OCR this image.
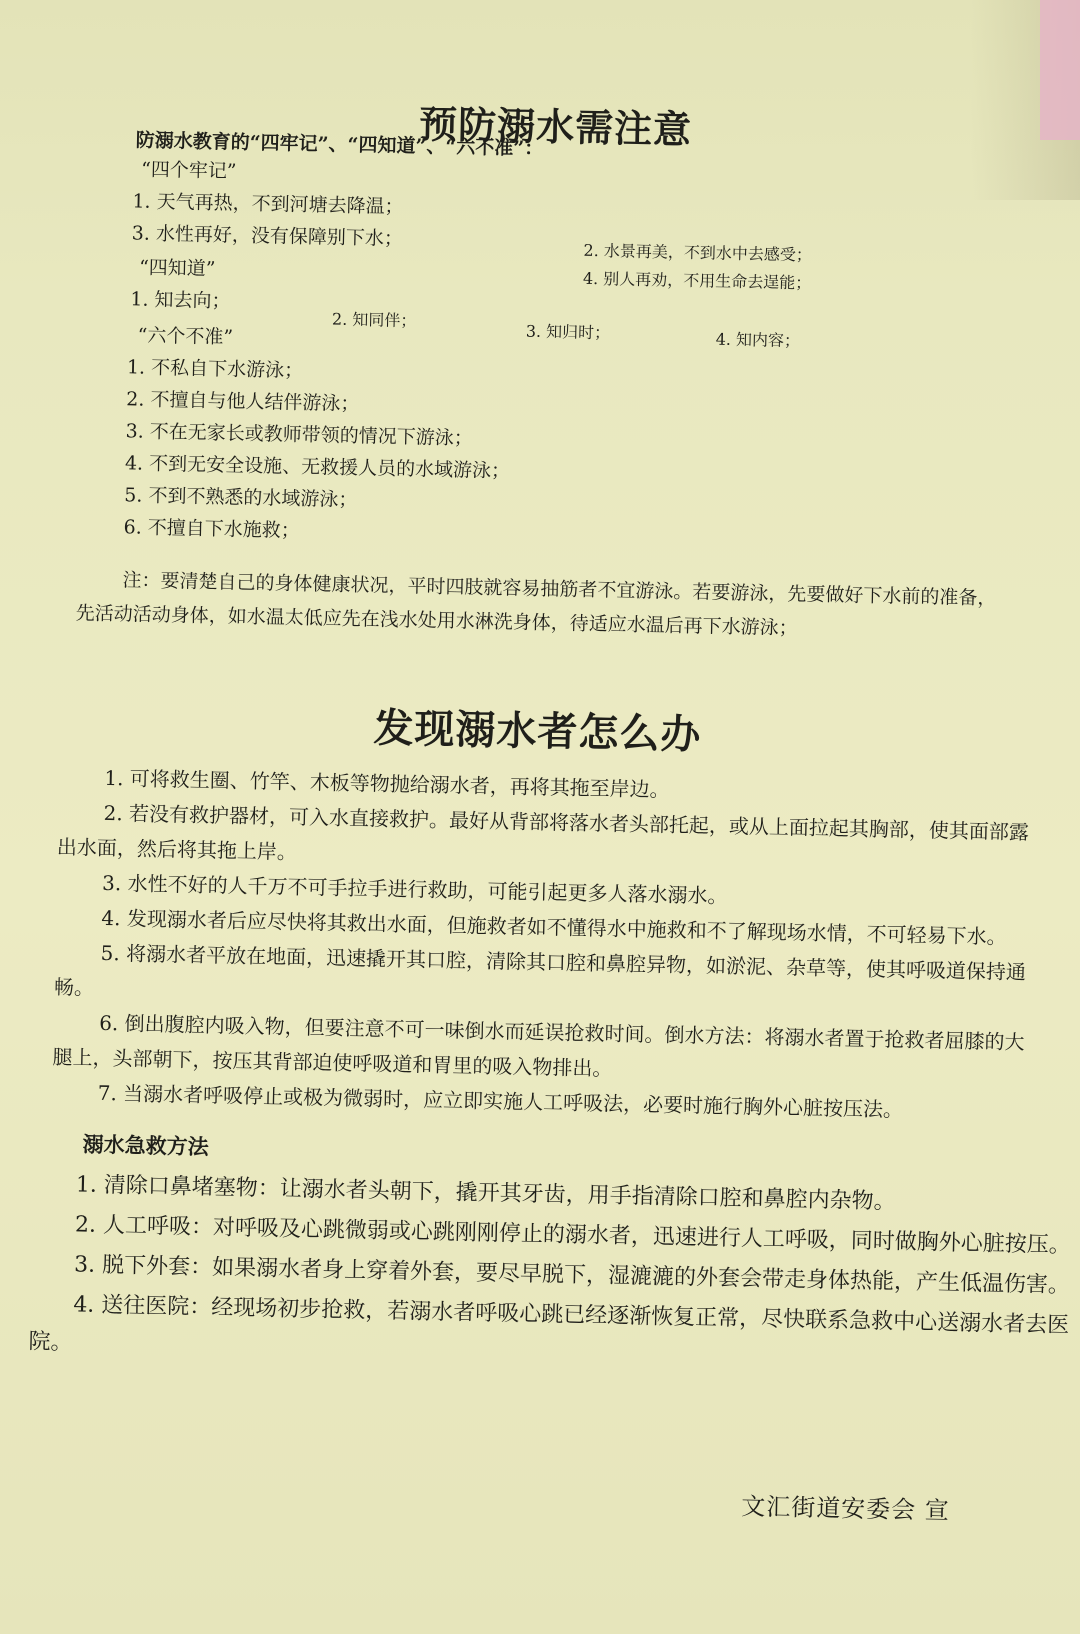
预防溺水需注意
防溺水教育的“四牢记”、“四知道”、“六不准”：
“四个牢记”
1. 天气再热，不到河塘去降温；
2. 水景再美，不到水中去感受；
3. 水性再好，没有保障别下水；
4. 别人再劝，不用生命去逞能；
“四知道”
1. 知去向；
2. 知同伴；
3. 知归时；	4. 知内容；
“六个不准”
1. 不私自下水游泳；
2. 不擅自与他人结伴游泳；
3. 不在无家长或教师带领的情况下游泳；
4. 不到无安全设施、无救援人员的水域游泳；
5. 不到不熟悉的水域游泳；
6. 不擅自下水施救；
注：要清楚自己的身体健康状况，平时四肢就容易抽筋者不宜游泳。若要游泳，先要做好下水前的准备，先活动活动身体，如水温太低应先在浅水处用水淋洗身体，待适应水温后再下水游泳；
发现溺水者怎么办

1. 可将救生圈、竹竿、木板等物抛给溺水者，再将其拖至岸边。

2. 若没有救护器材，可入水直接救护。最好从背部将落水者头部托起，或从上面拉起其胸部，使其面部露出水面，然后将其拖上岸。

3. 水性不好的人千万不可手拉手进行救助，可能引起更多人落水溺水。

4. 发现溺水者后应尽快将其救出水面，但施救者如不懂得水中施救和不了解现场水情，不可轻易下水。

5. 将溺水者平放在地面，迅速撬开其口腔，清除其口腔和鼻腔异物，如淤泥、杂草等，使其呼吸道保持通畅。

6. 倒出腹腔内吸入物，但要注意不可一味倒水而延误抢救时间。倒水方法：将溺水者置于抢救者屈膝的大腿上，头部朝下，按压其背部迫使呼吸道和胃里的吸入物排出。

7. 当溺水者呼吸停止或极为微弱时，应立即实施人工呼吸法，必要时施行胸外心脏按压法。

溺水急救方法

1. 清除口鼻堵塞物：让溺水者头朝下，撬开其牙齿，用手指清除口腔和鼻腔内杂物。

2. 人工呼吸：对呼吸及心跳微弱或心跳刚刚停止的溺水者，迅速进行人工呼吸，同时做胸外心脏按压。

3. 脱下外套：如果溺水者身上穿着外套，要尽早脱下，湿漉漉的外套会带走身体热能，产生低温伤害。

4. 送往医院：经现场初步抢救，若溺水者呼吸心跳已经逐渐恢复正常，尽快联系急救中心送溺水者去医院。

文汇街道安委会 宣
